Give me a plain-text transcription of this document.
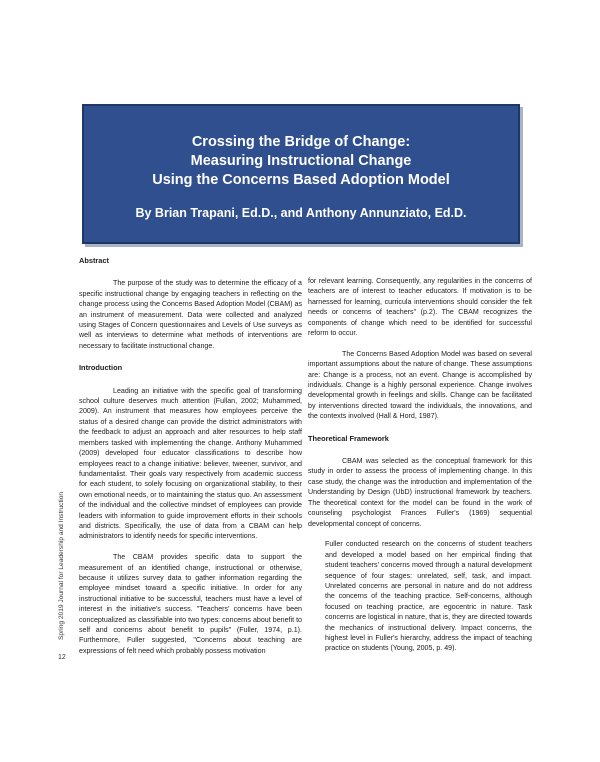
Crossing the Bridge of Change:
Measuring Instructional Change
Using the Concerns Based Adoption Model
By Brian Trapani, Ed.D., and Anthony Annunziato, Ed.D.
Abstract

The purpose of the study was to determine the efficacy of a specific instructional change by engaging teachers in reflecting on the change process using the Concerns Based Adoption Model (CBAM) as an instrument of measurement. Data were collected and analyzed using Stages of Concern questionnaires and Levels of Use surveys as well as interviews to determine what methods of interventions are necessary to facilitate instructional change.

Introduction

Leading an initiative with the specific goal of transforming school culture deserves much attention (Fullan, 2002; Muhammed, 2009). An instrument that measures how employees perceive the status of a desired change can provide the district administrators with the feedback to adjust an approach and alter resources to help staff members tasked with implementing the change. Anthony Muhammed (2009) developed four educator classifications to describe how employees react to a change initiative: believer, tweener, survivor, and fundamentalist. Their goals vary respectively from academic success for each student, to solely focusing on organizational stability, to their own emotional needs, or to maintaining the status quo. An assessment of the individual and the collective mindset of employees can provide leaders with information to guide improvement efforts in their schools and districts. Specifically, the use of data from a CBAM can help administrators to identify needs for specific interventions.

The CBAM provides specific data to support the measurement of an identified change, instructional or otherwise, because it utilizes survey data to gather information regarding the employee mindset toward a specific initiative. In order for any instructional initiative to be successful, teachers must have a level of interest in the initiative's success. "Teachers' concerns have been conceptualized as classifiable into two types: concerns about benefit to self and concerns about benefit to pupils" (Fuller, 1974, p.1). Furthermore, Fuller suggested, "Concerns about teaching are expressions of felt need which probably possess motivation

for relevant learning. Consequently, any regularities in the concerns of teachers are of interest to teacher educators. If motivation is to be harnessed for learning, curricula interventions should consider the felt needs or concerns of teachers" (p.2). The CBAM recognizes the components of change which need to be identified for successful reform to occur.

The Concerns Based Adoption Model was based on several important assumptions about the nature of change. These assumptions are: Change is a process, not an event. Change is accomplished by individuals. Change is a highly personal experience. Change involves developmental growth in feelings and skills. Change can be facilitated by interventions directed toward the individuals, the innovations, and the contexts involved (Hall & Hord, 1987).

Theoretical Framework

CBAM was selected as the conceptual framework for this study in order to assess the process of implementing change. In this case study, the change was the introduction and implementation of the Understanding by Design (UbD) instructional framework by teachers. The theoretical context for the model can be found in the work of counseling psychologist Frances Fuller's (1969) sequential developmental concept of concerns.

Fuller conducted research on the concerns of student teachers and developed a model based on her empirical finding that student teachers' concerns moved through a natural development sequence of four stages: unrelated, self, task, and impact. Unrelated concerns are personal in nature and do not address the concerns of the teaching practice. Self-concerns, although focused on teaching practice, are egocentric in nature. Task concerns are logistical in nature, that is, they are directed towards the mechanics of instructional delivery. Impact concerns, the highest level in Fuller's hierarchy, address the impact of teaching practice on students (Young, 2005, p. 49).

Spring 2019 Journal for Leadership and Instruction
12
